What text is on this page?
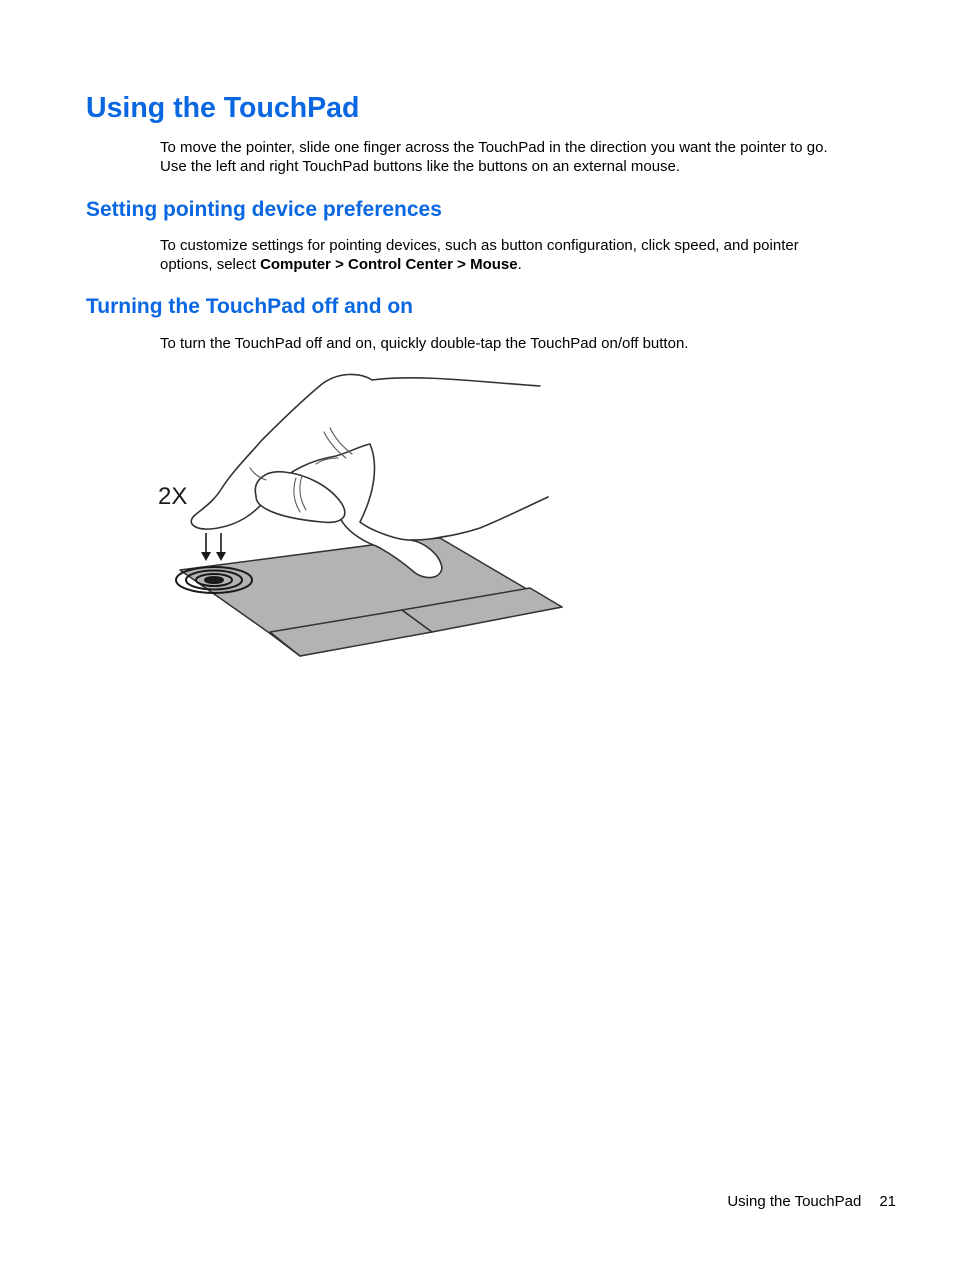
Using the TouchPad

To move the pointer, slide one finger across the TouchPad in the direction you want the pointer to go.

Use the left and right TouchPad buttons like the buttons on an external mouse.

Setting pointing device preferences

To customize settings for pointing devices, such as button configuration, click speed, and pointer

options, select Computer > Control Center > Mouse.

Turning the TouchPad off and on

To turn the TouchPad off and on, quickly double-tap the TouchPad on/off button.

2X
Using the TouchPad 21
